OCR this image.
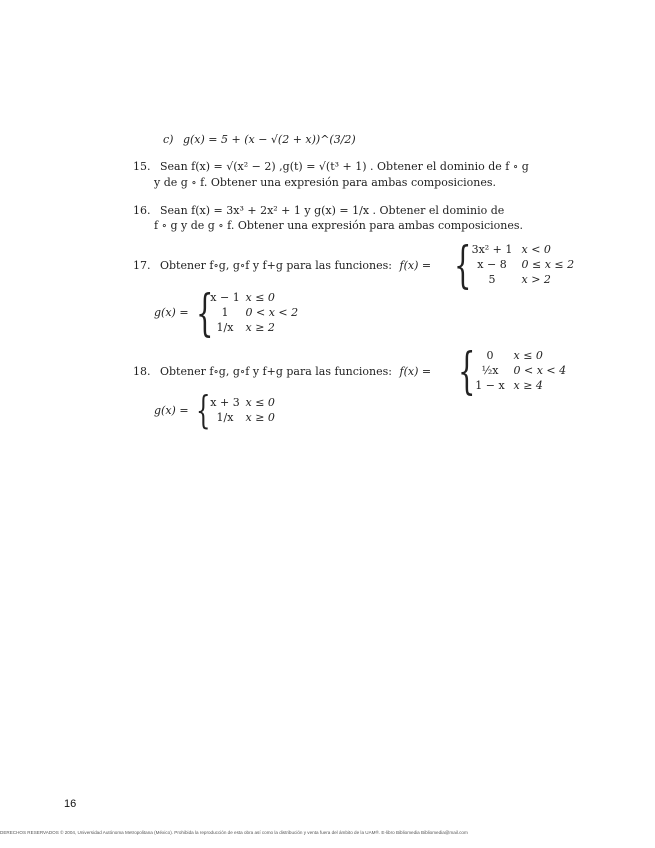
c) g(x) = 5 + (x − √(2 + x))^(3/2)
15. Sean f(x) = √(x² − 2) ,g(t) = √(t³ + 1) . Obtener el dominio de f ∘ g
y de g ∘ f. Obtener una expresión para ambas composiciones.
16. Sean f(x) = 3x³ + 2x² + 1 y g(x) = 1/x . Obtener el dominio de
f ∘ g y de g ∘ f. Obtener una expresión para ambas composiciones.
17. Obtener f∘g, g∘f y f+g para las funciones: f(x) = { 3x² + 1 x < 0
x − 8 0 ≤ x ≤ 2
5 x > 2
g(x) = {
x − 1 x ≤ 0
1 0 < x < 2
1/x x ≥ 2
18. Obtener f∘g, g∘f y f+g para las funciones: f(x) = {	0 x ≤ 0
½x 0 < x < 4
1 − x x ≥ 4
g(x) = { x + 3 x ≤ 0
1/x x ≥ 0
16
DERECHOS RESERVADOS © 2004, Universidad Autónoma Metropolitana (México). Prohibida la reproducción de esta obra así como la distribución y venta fuera del ámbito de la UAM®. E-libro Bibliomedia Bibliomedia@mail.com
